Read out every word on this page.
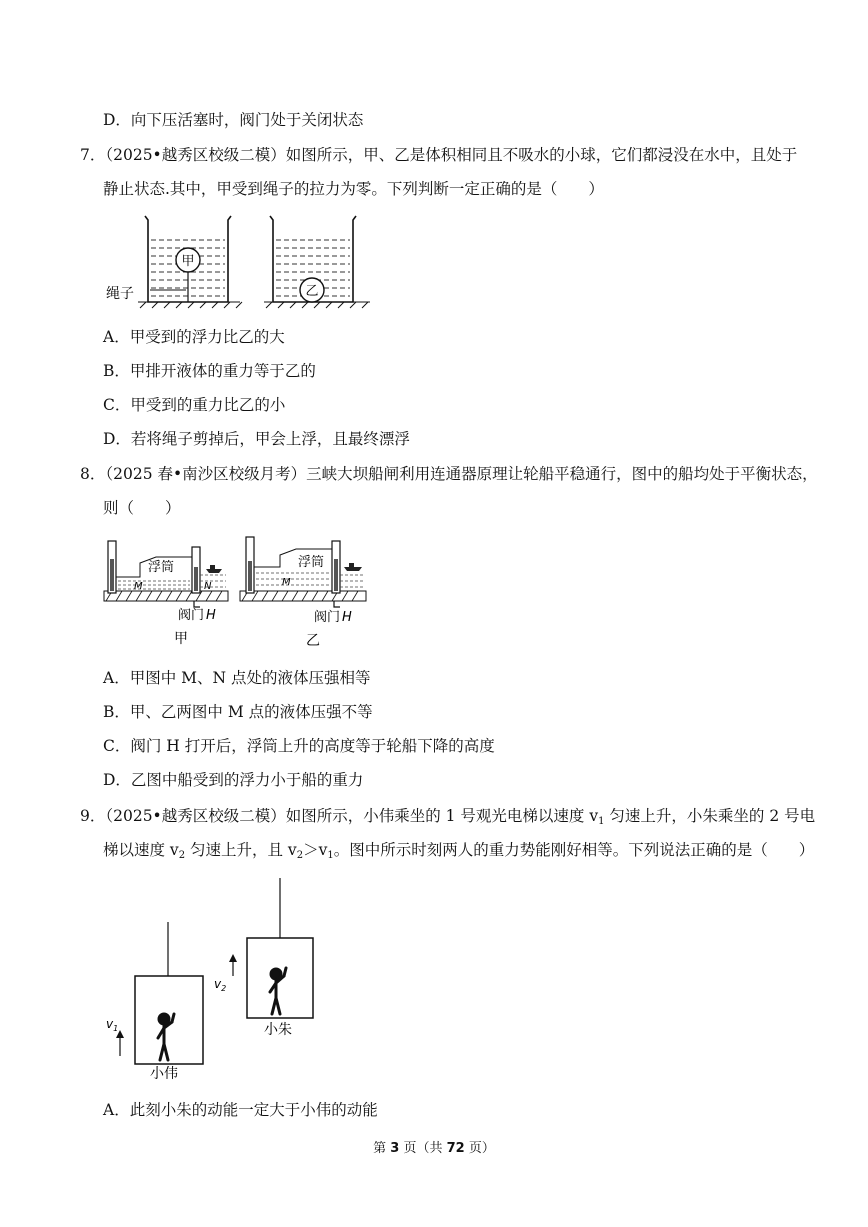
D．向下压活塞时，阀门处于关闭状态
7．（2025•越秀区校级二模）如图所示，甲、乙是体积相同且不吸水的小球，它们都浸没在水中，且处于
静止状态.其中，甲受到绳子的拉力为零。下列判断一定正确的是（　　）
甲
绳子	乙
A．甲受到的浮力比乙的大
B．甲排开液体的重力等于乙的
C．甲受到的重力比乙的小
D．若将绳子剪掉后，甲会上浮，且最终漂浮
8．（2025 春•南沙区校级月考）三峡大坝船闸利用连通器原理让轮船平稳通行，图中的船均处于平衡状态，
则（　　）
浮筒
M	N
阀门 H
甲
浮筒
M
阀门 H
乙
A．甲图中 M、N 点处的液体压强相等
B．甲、乙两图中 M 点的液体压强不等
C．阀门 H 打开后，浮筒上升的高度等于轮船下降的高度
D．乙图中船受到的浮力小于船的重力
9．（2025•越秀区校级二模）如图所示，小伟乘坐的 1 号观光电梯以速度 $v_1$ 匀速上升，小朱乘坐的 2 号电
梯以速度 $v_2$ 匀速上升，且 $v_2>v_1$。图中所示时刻两人的重力势能刚好相等。下列说法正确的是（　　）
$v_1$
小伟
$v_2$
小朱
A．此刻小朱的动能一定大于小伟的动能
第 3 页（共 72 页）
